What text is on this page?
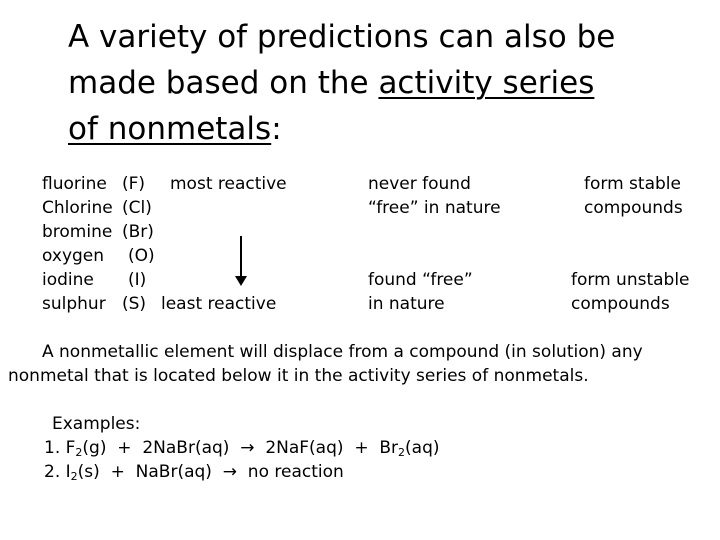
A variety of predictions can also be
made based on the activity series
of nonmetals:
fluorine (F) most reactive
Chlorine (Cl)
bromine (Br)
oxygen (O)
iodine (I)
sulphur (S) least reactive
never found
“free” in nature
found “free”
in nature
form stable
compounds
form unstable
compounds
A nonmetallic element will displace from a compound (in solution) any
nonmetal that is located below it in the activity series of nonmetals.
Examples:
1. $F_2(g)$ + 2NaBr(aq) → $2NaF(aq) + Br_2(aq)$
2. $I_2(s)$ + NaBr(aq) → no reaction
